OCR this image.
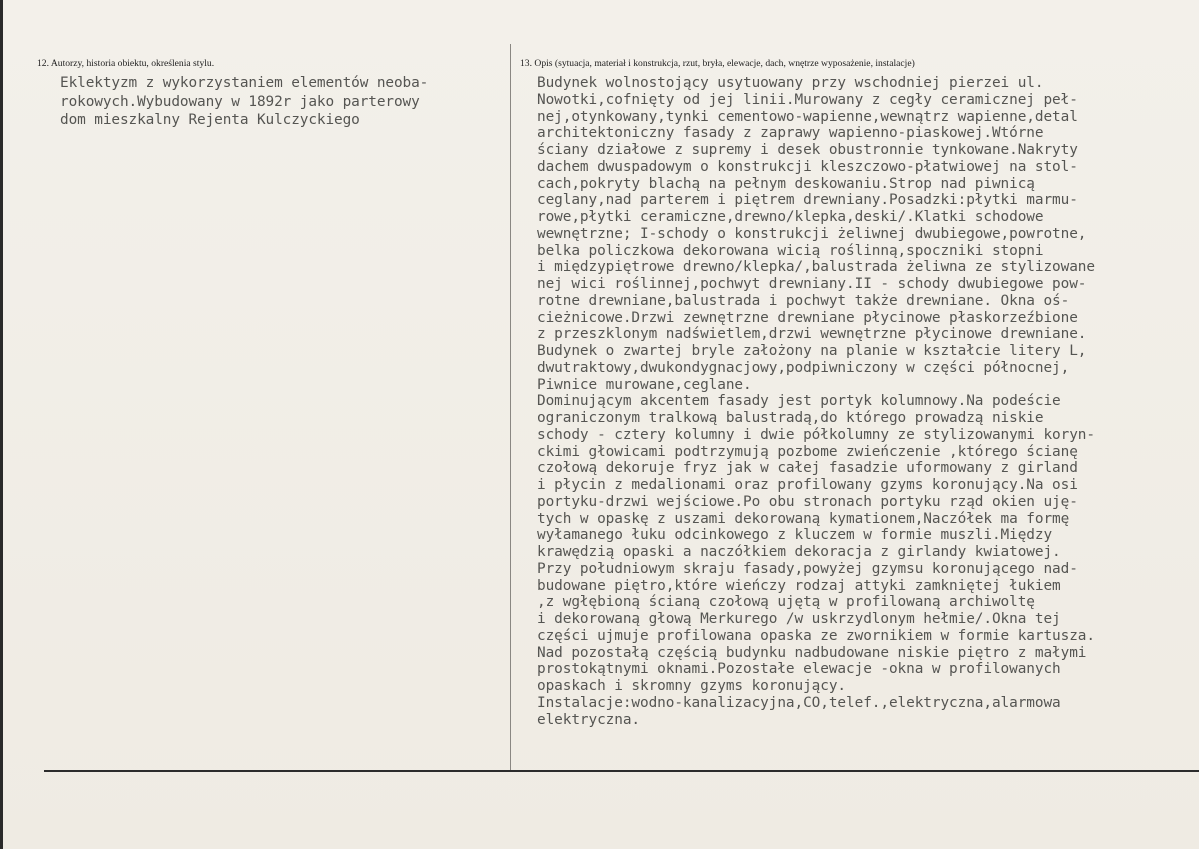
12. Autorzy, historia obiektu, określenia stylu.
Eklektyzm z wykorzystaniem elementów neoba-
rokowych.Wybudowany w 1892r jako parterowy
dom mieszkalny Rejenta Kulczyckiego
13. Opis (sytuacja, materiał i konstrukcja, rzut, bryła, elewacje, dach, wnętrze wyposażenie, instalacje)
Budynek wolnostojący usytuowany przy wschodniej pierzei ul.
Nowotki,cofnięty od jej linii.Murowany z cegły ceramicznej peł-
nej,otynkowany,tynki cementowo-wapienne,wewnątrz wapienne,detal
architektoniczny fasady z zaprawy wapienno-piaskowej.Wtórne
ściany działowe z supremy i desek obustronnie tynkowane.Nakryty
dachem dwuspadowym o konstrukcji kleszczowo-płatwiowej na stol-
cach,pokryty blachą na pełnym deskowaniu.Strop nad piwnicą
ceglany,nad parterem i piętrem drewniany.Posadzki:płytki marmu-
rowe,płytki ceramiczne,drewno/klepka,deski/.Klatki schodowe
wewnętrzne; I-schody o konstrukcji żeliwnej dwubiegowe,powrotne,
belka policzkowa dekorowana wicią roślinną,spoczniki stopni
i międzypiętrowe drewno/klepka/,balustrada żeliwna ze stylizowane
nej wici roślinnej,pochwyt drewniany.II - schody dwubiegowe pow-
rotne drewniane,balustrada i pochwyt także drewniane. Okna oś-
cieżnicowe.Drzwi zewnętrzne drewniane płycinowe płaskorzeźbione
z przeszklonym nadświetlem,drzwi wewnętrzne płycinowe drewniane.
Budynek o zwartej bryle założony na planie w kształcie litery L,
dwutraktowy,dwukondygnacjowy,podpiwniczony w części północnej,
Piwnice murowane,ceglane.
Dominującym akcentem fasady jest portyk kolumnowy.Na podeście
ograniczonym tralkową balustradą,do którego prowadzą niskie
schody - cztery kolumny i dwie półkolumny ze stylizowanymi koryn-
ckimi głowicami podtrzymują pozbome zwieńczenie ,którego ścianę
czołową dekoruje fryz jak w całej fasadzie uformowany z girland
i płycin z medalionami oraz profilowany gzyms koronujący.Na osi
portyku-drzwi wejściowe.Po obu stronach portyku rząd okien uję-
tych w opaskę z uszami dekorowaną kymationem,Naczółek ma formę
wyłamanego łuku odcinkowego z kluczem w formie muszli.Między
krawędzią opaski a naczółkiem dekoracja z girlandy kwiatowej.
Przy południowym skraju fasady,powyżej gzymsu koronującego nad-
budowane piętro,które wieńczy rodzaj attyki zamkniętej łukiem
,z wgłębioną ścianą czołową ujętą w profilowaną archiwoltę
i dekorowaną głową Merkurego /w uskrzydlonym hełmie/.Okna tej
części ujmuje profilowana opaska ze zwornikiem w formie kartusza.
Nad pozostałą częścią budynku nadbudowane niskie piętro z małymi
prostokątnymi oknami.Pozostałe elewacje -okna w profilowanych
opaskach i skromny gzyms koronujący.
Instalacje:wodno-kanalizacyjna,CO,telef.,elektryczna,alarmowa
elektryczna.
